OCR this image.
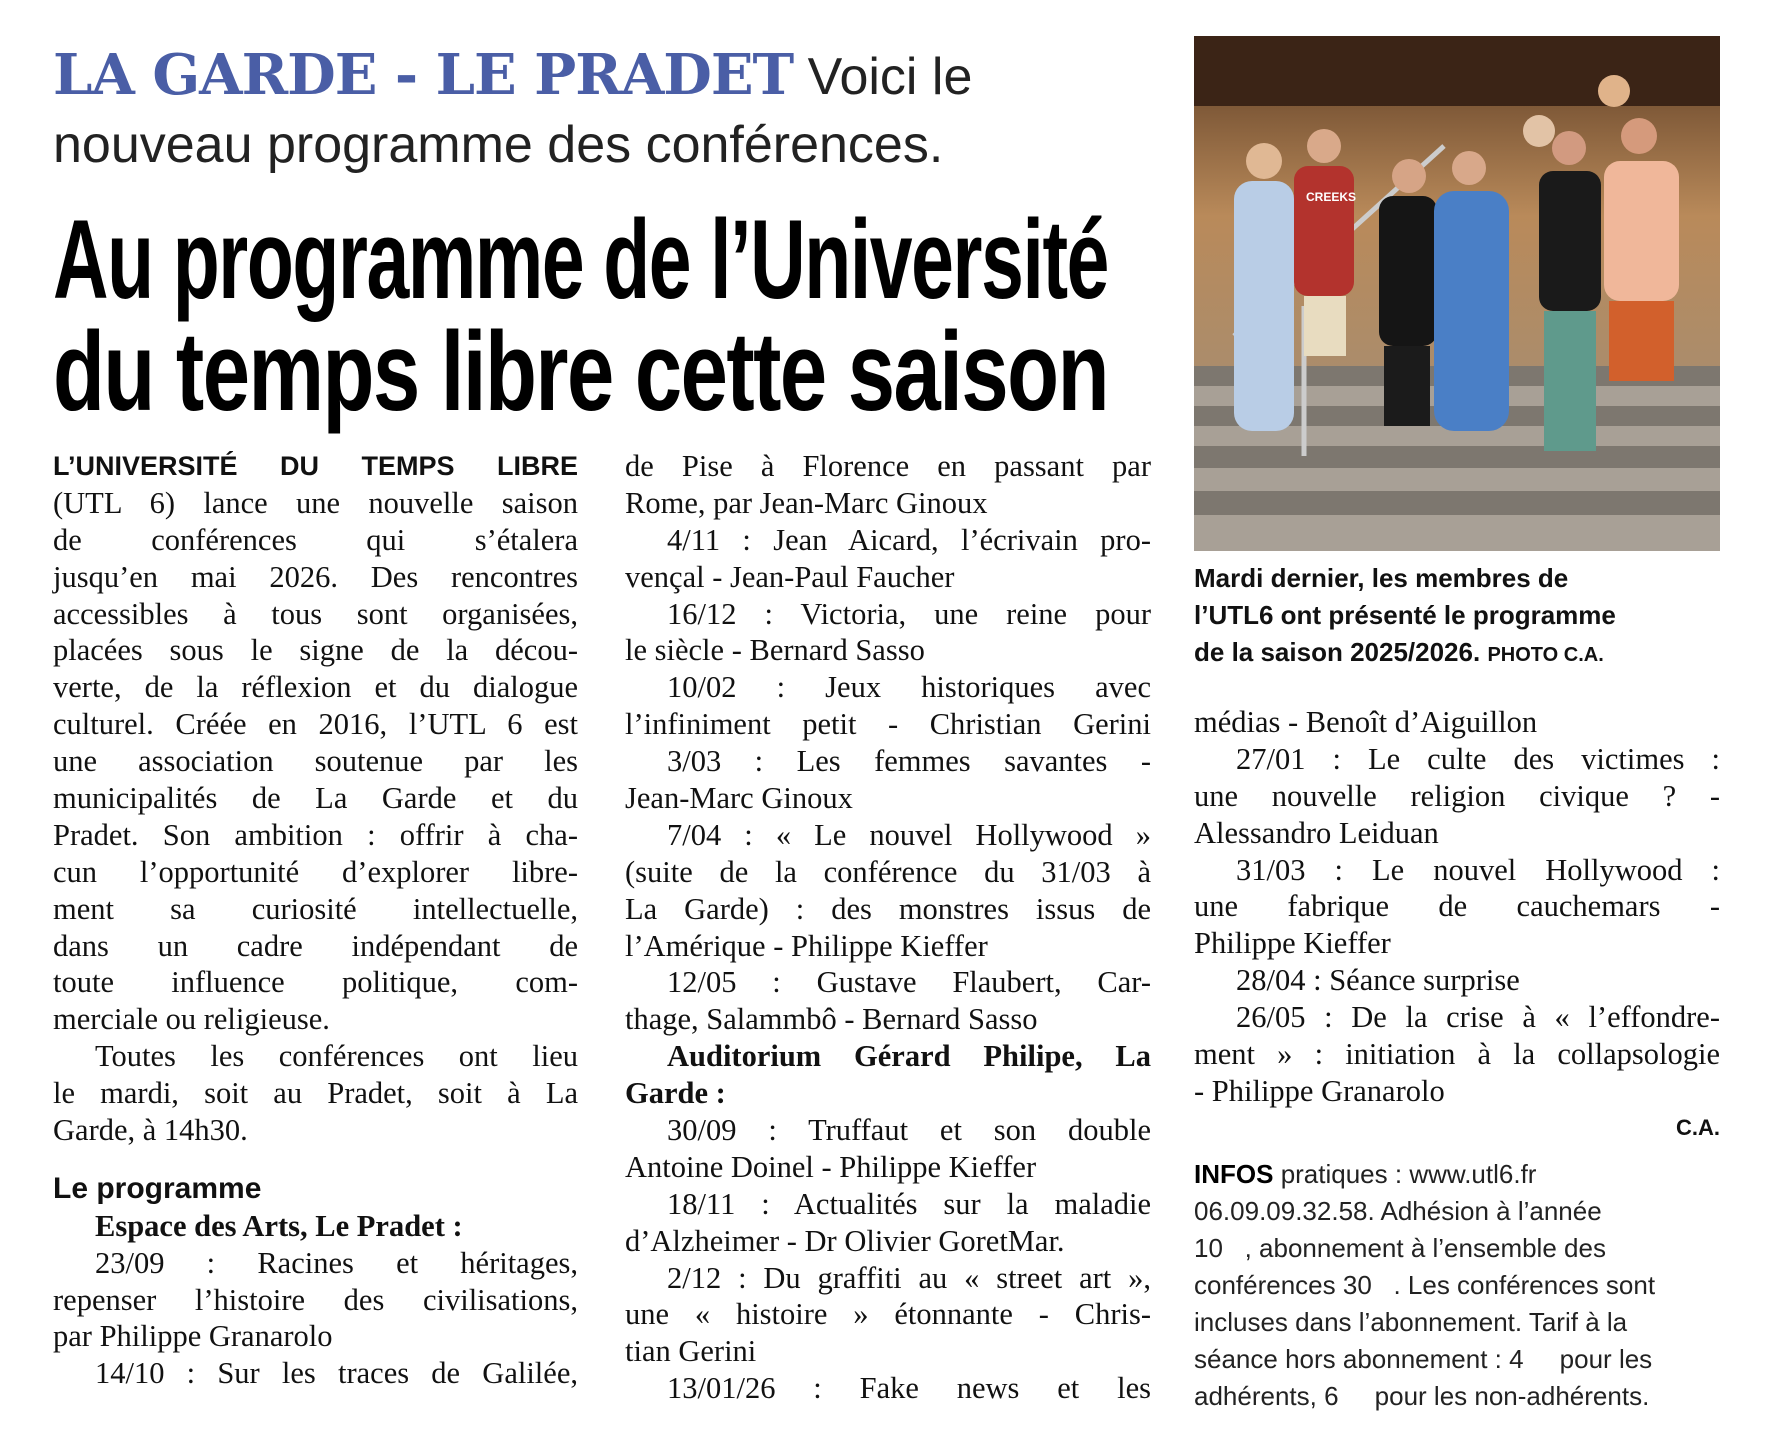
LA GARDE - LE PRADET Voici le
nouveau programme des conférences.
Au programme de l’Université
du temps libre cette saison
L’UNIVERSITÉ DU TEMPS LIBRE
(UTL 6) lance une nouvelle saison
de conférences qui s’étalera
jusqu’en mai 2026. Des rencontres
accessibles à tous sont organisées,
placées sous le signe de la décou-
verte, de la réflexion et du dialogue
culturel. Créée en 2016, l’UTL 6 est
une association soutenue par les
municipalités de La Garde et du
Pradet. Son ambition : offrir à cha-
cun l’opportunité d’explorer libre-
ment sa curiosité intellectuelle,
dans un cadre indépendant de
toute influence politique, com-
merciale ou religieuse.
Toutes les conférences ont lieu
le mardi, soit au Pradet, soit à La
Garde, à 14h30.
Le programme
Espace des Arts, Le Pradet :
23/09 : Racines et héritages,
repenser l’histoire des civilisations,
par Philippe Granarolo
14/10 : Sur les traces de Galilée,
de Pise à Florence en passant par
Rome, par Jean-Marc Ginoux
4/11 : Jean Aicard, l’écrivain pro-
vençal - Jean-Paul Faucher
16/12 : Victoria, une reine pour
le siècle - Bernard Sasso
10/02 : Jeux historiques avec
l’infiniment petit - Christian Gerini
3/03 : Les femmes savantes -
Jean-Marc Ginoux
7/04 : « Le nouvel Hollywood »
(suite de la conférence du 31/03 à
La Garde) : des monstres issus de
l’Amérique - Philippe Kieffer
12/05 : Gustave Flaubert, Car-
thage, Salammbô - Bernard Sasso
Auditorium Gérard Philipe, La
Garde :
30/09 : Truffaut et son double
Antoine Doinel - Philippe Kieffer
18/11 : Actualités sur la maladie
d’Alzheimer - Dr Olivier GoretMar.
2/12 : Du graffiti au « street art »,
une « histoire » étonnante - Chris-
tian Gerini
13/01/26 : Fake news et les
CREEKS
Mardi dernier, les membres de
l’UTL6 ont présenté le programme
de la saison 2025/2026. PHOTO C.A.
médias - Benoît d’Aiguillon
27/01 : Le culte des victimes :
une nouvelle religion civique ? -
Alessandro Leiduan
31/03 : Le nouvel Hollywood :
une fabrique de cauchemars -
Philippe Kieffer
28/04 : Séance surprise
26/05 : De la crise à « l’effondre-
ment » : initiation à la collapsologie
- Philippe Granarolo
C.A.
INFOS pratiques : www.utl6.fr
06.09.09.32.58. Adhésion à l’année
10   , abonnement à l’ensemble des
conférences 30   . Les conférences sont
incluses dans l’abonnement. Tarif à la
séance hors abonnement : 4     pour les
adhérents, 6     pour les non-adhérents.
